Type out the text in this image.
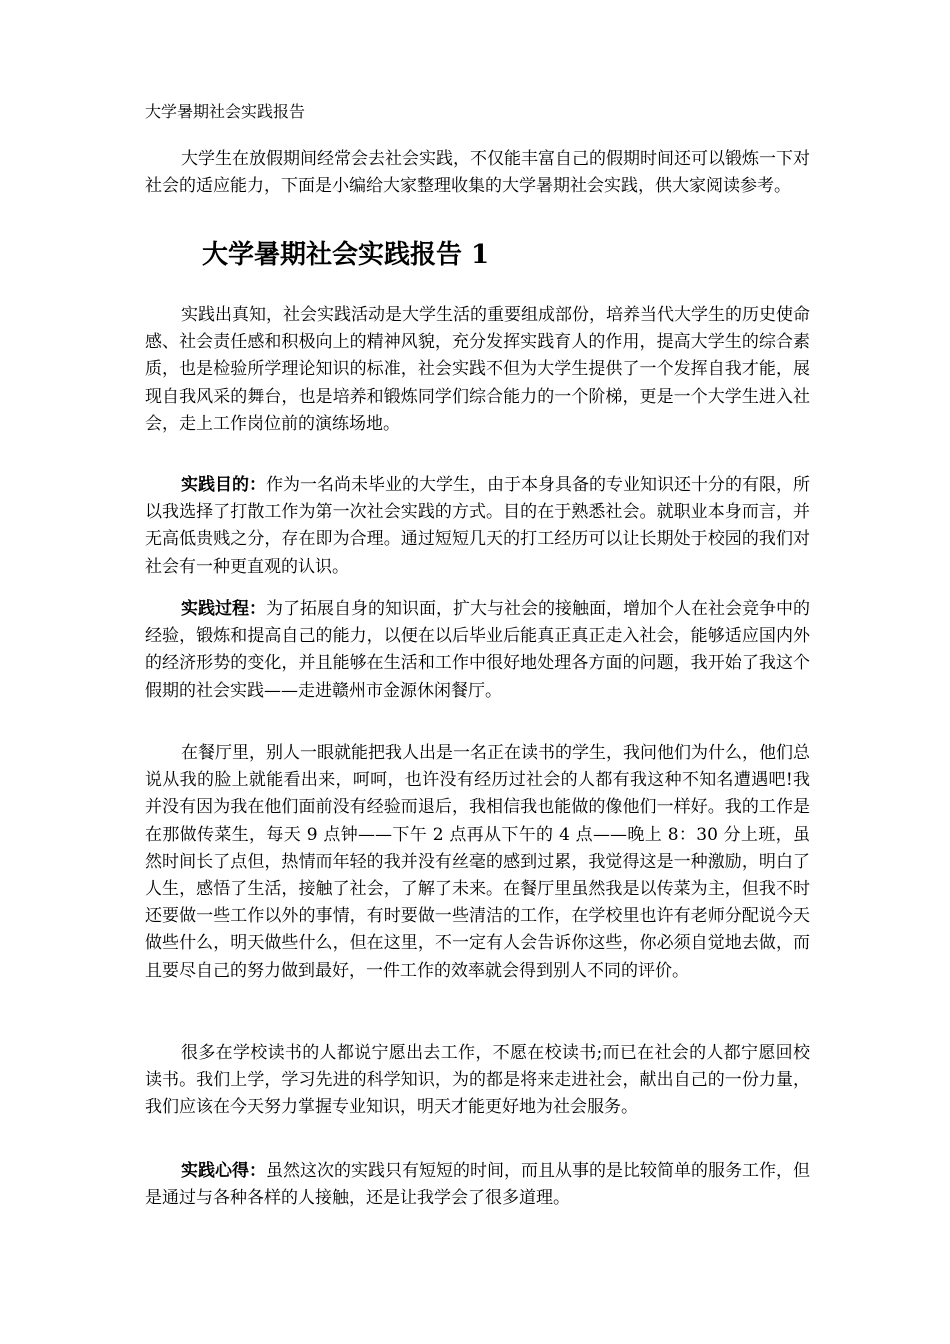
大学暑期社会实践报告

大学生在放假期间经常会去社会实践，不仅能丰富自己的假期时间还可以锻炼一下对社会的适应能力，下面是小编给大家整理收集的大学暑期社会实践，供大家阅读参考。

大学暑期社会实践报告 1

实践出真知，社会实践活动是大学生活的重要组成部份，培养当代大学生的历史使命感、社会责任感和积极向上的精神风貌，充分发挥实践育人的作用，提高大学生的综合素质，也是检验所学理论知识的标准，社会实践不但为大学生提供了一个发挥自我才能，展现自我风采的舞台，也是培养和锻炼同学们综合能力的一个阶梯，更是一个大学生进入社会，走上工作岗位前的演练场地。

实践目的：作为一名尚未毕业的大学生，由于本身具备的专业知识还十分的有限，所以我选择了打散工作为第一次社会实践的方式。目的在于熟悉社会。就职业本身而言，并无高低贵贱之分，存在即为合理。通过短短几天的打工经历可以让长期处于校园的我们对社会有一种更直观的认识。

实践过程：为了拓展自身的知识面，扩大与社会的接触面，增加个人在社会竞争中的经验，锻炼和提高自己的能力，以便在以后毕业后能真正真正走入社会，能够适应国内外的经济形势的变化，并且能够在生活和工作中很好地处理各方面的问题，我开始了我这个假期的社会实践——走进赣州市金源休闲餐厅。

在餐厅里，别人一眼就能把我人出是一名正在读书的学生，我问他们为什么，他们总说从我的脸上就能看出来，呵呵，也许没有经历过社会的人都有我这种不知名遭遇吧!我并没有因为我在他们面前没有经验而退后，我相信我也能做的像他们一样好。我的工作是在那做传菜生，每天 9 点钟——下午 2 点再从下午的 4 点——晚上 8：30 分上班，虽然时间长了点但，热情而年轻的我并没有丝毫的感到过累，我觉得这是一种激励，明白了人生，感悟了生活，接触了社会，了解了未来。在餐厅里虽然我是以传菜为主，但我不时还要做一些工作以外的事情，有时要做一些清洁的工作，在学校里也许有老师分配说今天做些什么，明天做些什么，但在这里，不一定有人会告诉你这些，你必须自觉地去做，而且要尽自己的努力做到最好，一件工作的效率就会得到别人不同的评价。

很多在学校读书的人都说宁愿出去工作，不愿在校读书;而已在社会的人都宁愿回校读书。我们上学，学习先进的科学知识，为的都是将来走进社会，献出自己的一份力量，我们应该在今天努力掌握专业知识，明天才能更好地为社会服务。

实践心得：虽然这次的实践只有短短的时间，而且从事的是比较简单的服务工作，但是通过与各种各样的人接触，还是让我学会了很多道理。
